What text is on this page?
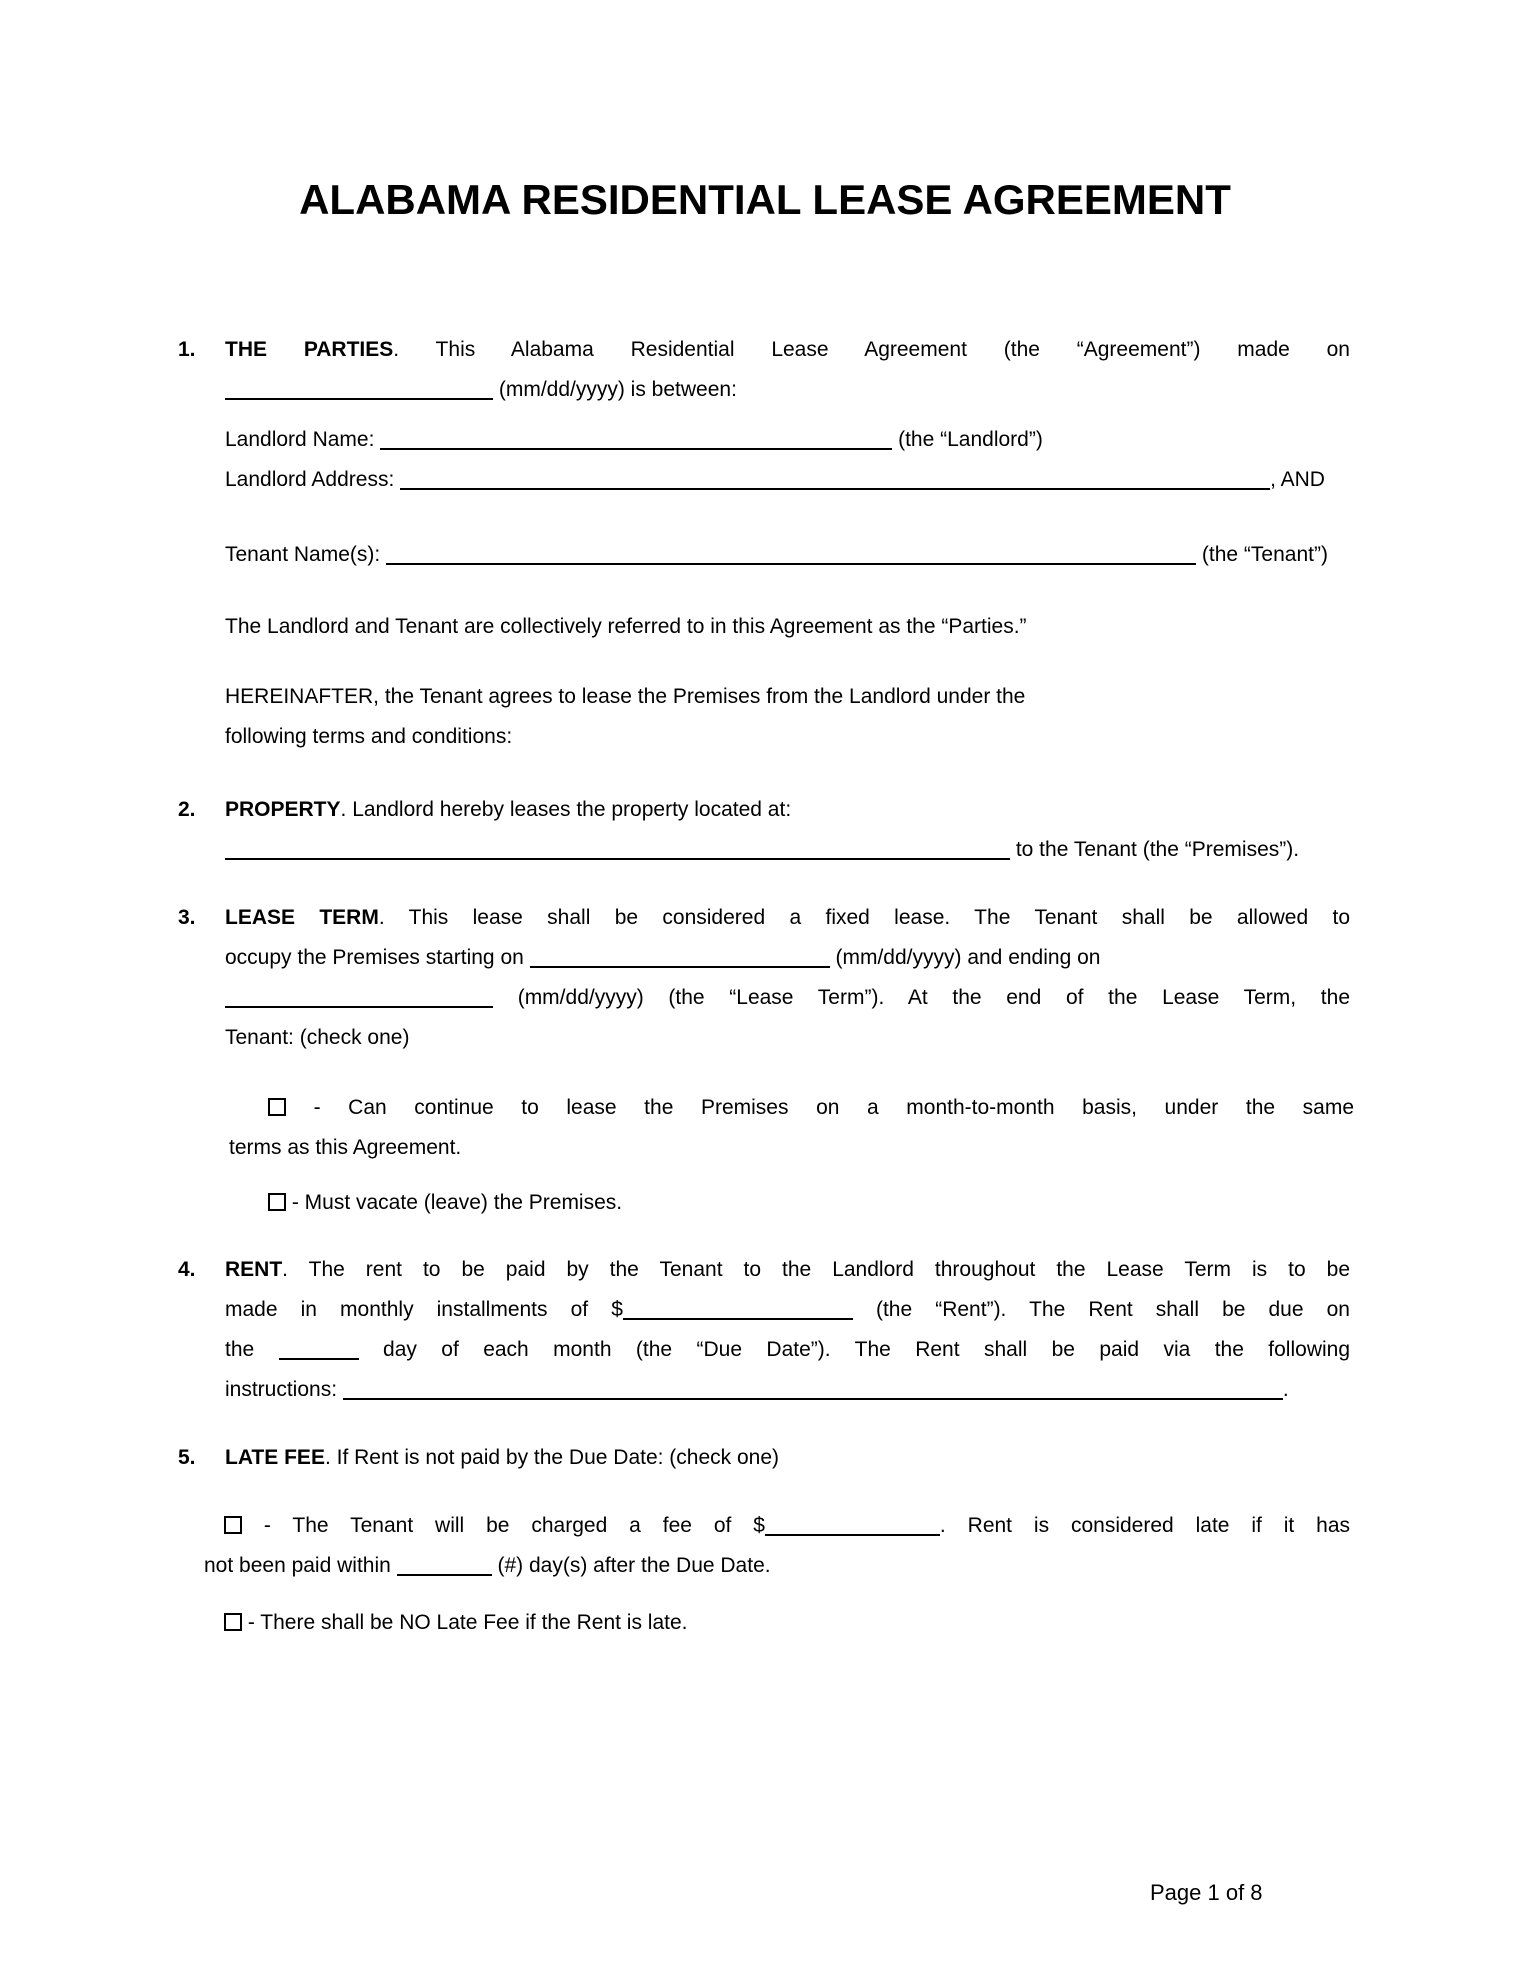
ALABAMA RESIDENTIAL LEASE AGREEMENT
1. THE PARTIES. This Alabama Residential Lease Agreement (the “Agreement”) made on
(mm/dd/yyyy) is between:
Landlord Name:	(the “Landlord”)
Landlord Address:	, AND
Tenant Name(s):	(the “Tenant”)
The Landlord and Tenant are collectively referred to in this Agreement as the “Parties.”
HEREINAFTER, the Tenant agrees to lease the Premises from the Landlord under the
following terms and conditions:
2. PROPERTY. Landlord hereby leases the property located at:
to the Tenant (the “Premises”).
3. LEASE TERM. This lease shall be considered a fixed lease. The Tenant shall be allowed to
occupy the Premises starting on	(mm/dd/yyyy) and ending on
(mm/dd/yyyy) (the “Lease Term”). At the end of the Lease Term, the
Tenant: (check one)
- Can continue to lease the Premises on a month-to-month basis, under the same
terms as this Agreement.
- Must vacate (leave) the Premises.
4. RENT. The rent to be paid by the Tenant to the Landlord throughout the Lease Term is to be
made in monthly installments of $	(the “Rent”). The Rent shall be due on
the	day of each month (the “Due Date”). The Rent shall be paid via the following
instructions:	.
5. LATE FEE. If Rent is not paid by the Due Date: (check one)
- The Tenant will be charged a fee of $	. Rent is considered late if it has
not been paid within	(#) day(s) after the Due Date.
- There shall be NO Late Fee if the Rent is late.
Page 1 of 8
